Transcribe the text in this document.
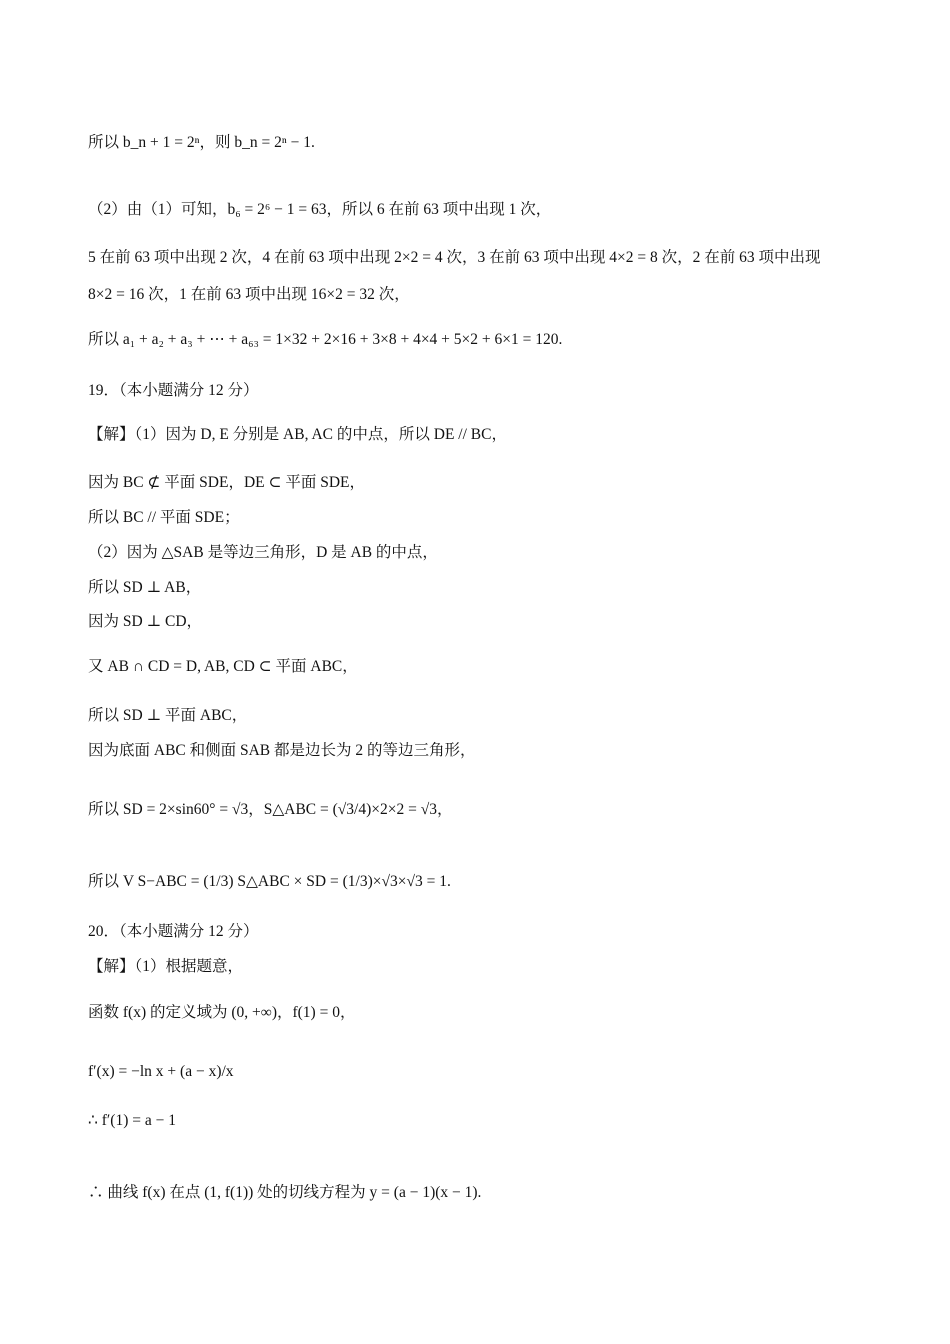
所以 b_n + 1 = 2ⁿ，则 b_n = 2ⁿ − 1.
（2）由（1）可知，b₆ = 2⁶ − 1 = 63，所以 6 在前 63 项中出现 1 次，
5 在前 63 项中出现 2 次，4 在前 63 项中出现 2×2 = 4 次，3 在前 63 项中出现 4×2 = 8 次，2 在前 63 项中出现
8×2 = 16 次，1 在前 63 项中出现 16×2 = 32 次，
所以 a₁ + a₂ + a₃ + ⋯ + a₆₃ = 1×32 + 2×16 + 3×8 + 4×4 + 5×2 + 6×1 = 120.
19．（本小题满分 12 分）
【解】（1）因为 D, E 分别是 AB, AC 的中点，所以 DE // BC，
因为 BC ⊄ 平面 SDE，DE ⊂ 平面 SDE，
所以 BC // 平面 SDE；
（2）因为 △SAB 是等边三角形，D 是 AB 的中点，
所以 SD ⊥ AB，
因为 SD ⊥ CD，
又 AB ∩ CD = D, AB, CD ⊂ 平面 ABC，
所以 SD ⊥ 平面 ABC，
因为底面 ABC 和侧面 SAB 都是边长为 2 的等边三角形，
所以 SD = 2×sin60° = √3，S△ABC = (√3/4)×2×2 = √3，
所以 V S−ABC = (1/3) S△ABC × SD = (1/3)×√3×√3 = 1.
20．（本小题满分 12 分）
【解】（1）根据题意，
函数 f(x) 的定义域为 (0, +∞)，f(1) = 0，
f′(x) = −ln x + (a − x)/x
∴ f′(1) = a − 1
∴ 曲线 f(x) 在点 (1, f(1)) 处的切线方程为 y = (a − 1)(x − 1).
